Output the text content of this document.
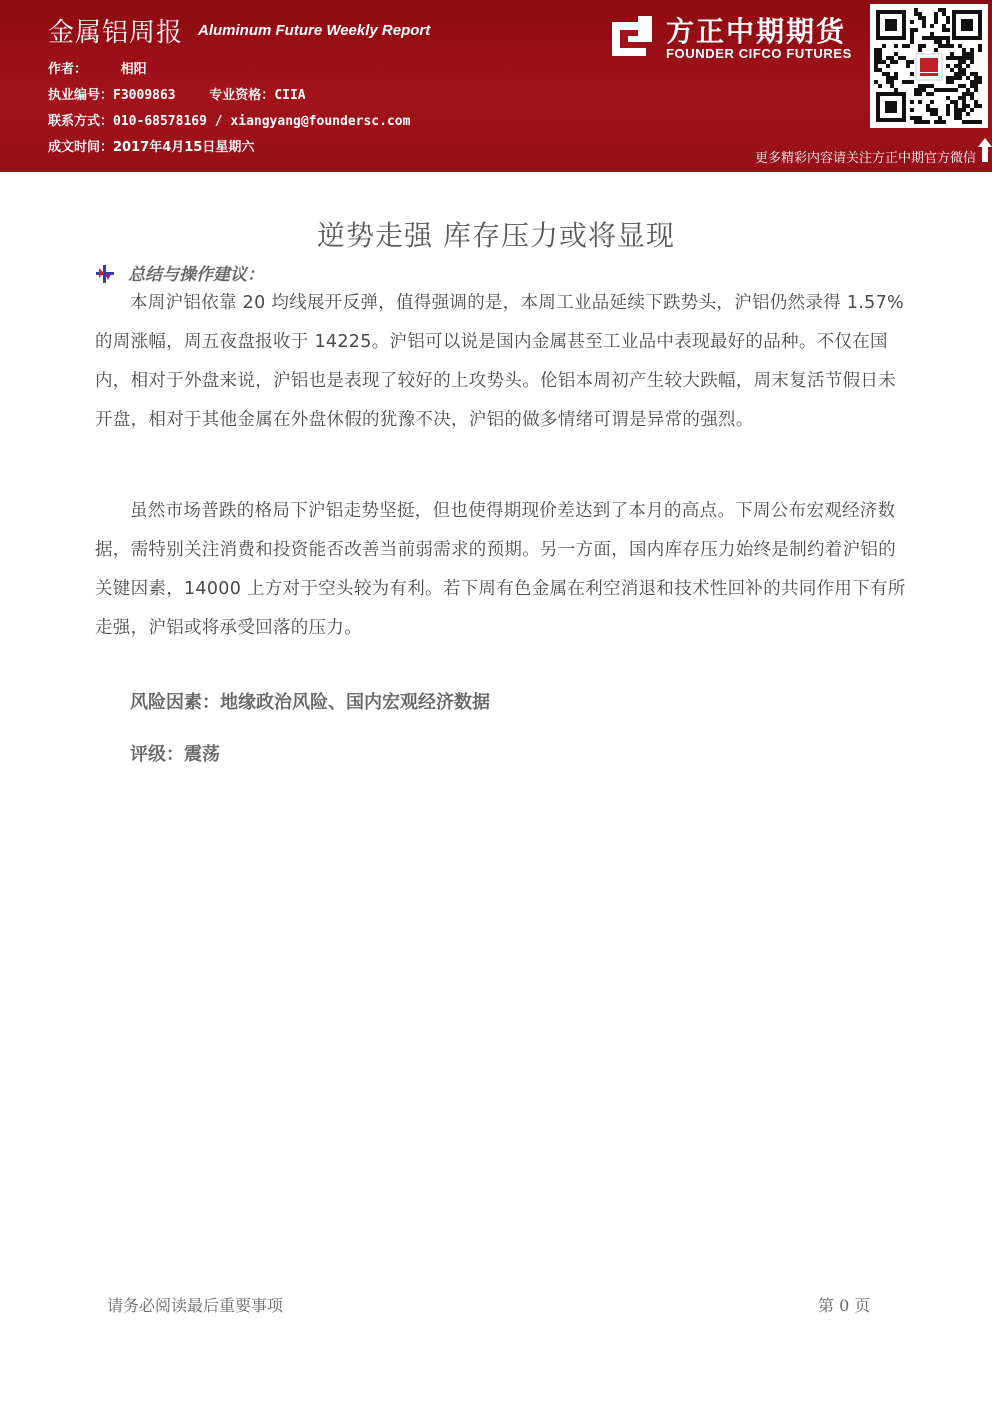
金属铝周报 Aluminum Future Weekly Report
作者：	相阳
执业编号：F3009863	专业资格：CIIA
联系方式：010-68578169 / xiangyang@foundersc.com
成文时间：2017年4月15日星期六
方正中期期货
FOUNDER CIFCO FUTURES
更多精彩内容请关注方正中期官方微信
逆势走强 库存压力或将显现
总结与操作建议：

本周沪铝依靠 20 均线展开反弹，值得强调的是，本周工业品延续下跌势头，沪铝仍然录得 1.57%的周涨幅，周五夜盘报收于 14225。沪铝可以说是国内金属甚至工业品中表现最好的品种。不仅在国内，相对于外盘来说，沪铝也是表现了较好的上攻势头。伦铝本周初产生较大跌幅，周末复活节假日未开盘，相对于其他金属在外盘休假的犹豫不决，沪铝的做多情绪可谓是异常的强烈。

虽然市场普跌的格局下沪铝走势坚挺，但也使得期现价差达到了本月的高点。下周公布宏观经济数据，需特别关注消费和投资能否改善当前弱需求的预期。另一方面，国内库存压力始终是制约着沪铝的关键因素，14000 上方对于空头较为有利。若下周有色金属在利空消退和技术性回补的共同作用下有所走强，沪铝或将承受回落的压力。

风险因素：地缘政治风险、国内宏观经济数据
评级：震荡
请务必阅读最后重要事项	第 0 页
